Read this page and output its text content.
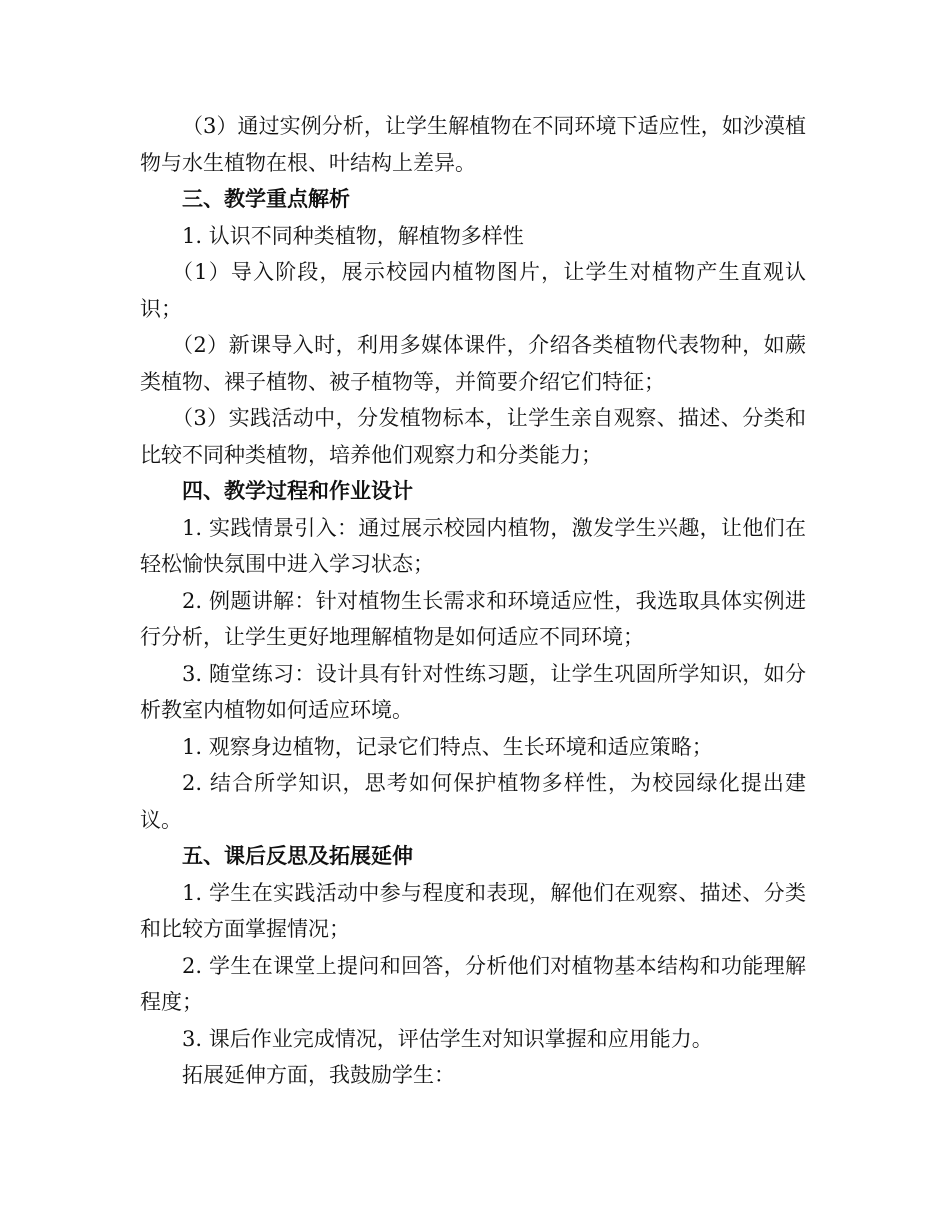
（3）通过实例分析，让学生解植物在不同环境下适应性，如沙漠植物与水生植物在根、叶结构上差异。

三、教学重点解析

1. 认识不同种类植物，解植物多样性

（1）导入阶段，展示校园内植物图片，让学生对植物产生直观认识；

（2）新课导入时，利用多媒体课件，介绍各类植物代表物种，如蕨类植物、裸子植物、被子植物等，并简要介绍它们特征；

（3）实践活动中，分发植物标本，让学生亲自观察、描述、分类和比较不同种类植物，培养他们观察力和分类能力；

四、教学过程和作业设计

1. 实践情景引入：通过展示校园内植物，激发学生兴趣，让他们在轻松愉快氛围中进入学习状态；

2. 例题讲解：针对植物生长需求和环境适应性，我选取具体实例进行分析，让学生更好地理解植物是如何适应不同环境；

3. 随堂练习：设计具有针对性练习题，让学生巩固所学知识，如分析教室内植物如何适应环境。

1. 观察身边植物，记录它们特点、生长环境和适应策略；

2. 结合所学知识，思考如何保护植物多样性，为校园绿化提出建议。

五、课后反思及拓展延伸

1. 学生在实践活动中参与程度和表现，解他们在观察、描述、分类和比较方面掌握情况；

2. 学生在课堂上提问和回答，分析他们对植物基本结构和功能理解程度；

3. 课后作业完成情况，评估学生对知识掌握和应用能力。

拓展延伸方面，我鼓励学生：
